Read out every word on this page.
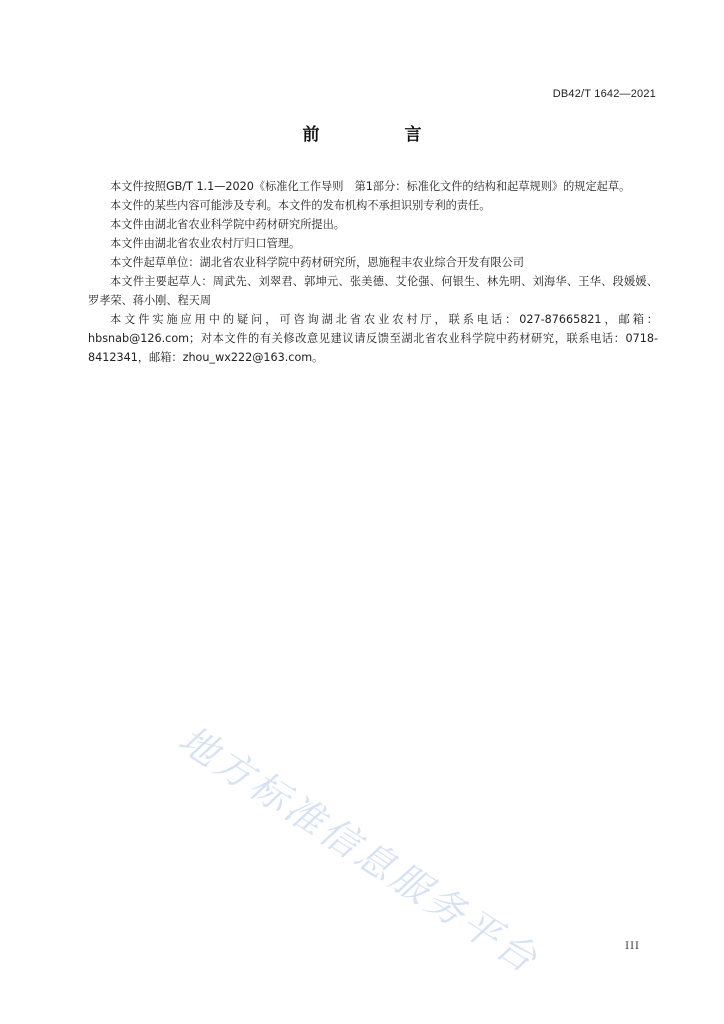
DB42/T 1642—2021
前　言

本文件按照GB/T 1.1—2020《标准化工作导则　第1部分：标准化文件的结构和起草规则》的规定起草。

本文件的某些内容可能涉及专利。本文件的发布机构不承担识别专利的责任。

本文件由湖北省农业科学院中药材研究所提出。

本文件由湖北省农业农村厅归口管理。

本文件起草单位：湖北省农业科学院中药材研究所，恩施程丰农业综合开发有限公司

本文件主要起草人：周武先、刘翠君、郭坤元、张美德、艾伦强、何银生、林先明、刘海华、王华、段媛媛、罗孝荣、蒋小刚、程天周

本文件实施应用中的疑问，可咨询湖北省农业农村厅，联系电话：027-87665821，邮箱：hbsnab@126.com；对本文件的有关修改意见建议请反馈至湖北省农业科学院中药材研究，联系电话：0718-8412341，邮箱：zhou_wx222@163.com。

地方标准信息服务平台	III
